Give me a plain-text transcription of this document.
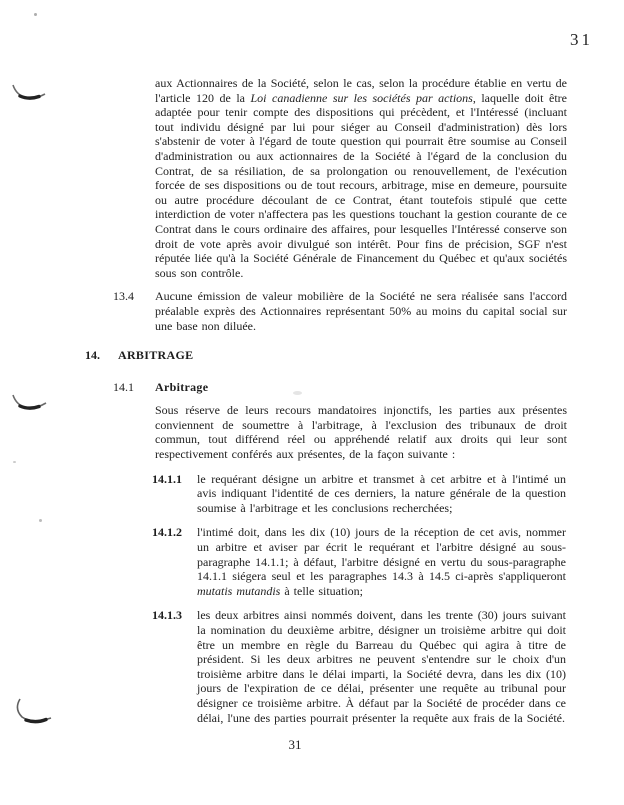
31

aux Actionnaires de la Société, selon le cas, selon la procédure établie en vertu de l'article 120 de la Loi canadienne sur les sociétés par actions, laquelle doit être adaptée pour tenir compte des dispositions qui précèdent, et l'Intéressé (incluant tout individu désigné par lui pour siéger au Conseil d'administration) dès lors s'abstenir de voter à l'égard de toute question qui pourrait être soumise au Conseil d'administration ou aux actionnaires de la Société à l'égard de la conclusion du Contrat, de sa résiliation, de sa prolongation ou renouvellement, de l'exécution forcée de ses dispositions ou de tout recours, arbitrage, mise en demeure, poursuite ou autre procédure découlant de ce Contrat, étant toutefois stipulé que cette interdiction de voter n'affectera pas les questions touchant la gestion courante de ce Contrat dans le cours ordinaire des affaires, pour lesquelles l'Intéressé conserve son droit de vote après avoir divulgué son intérêt. Pour fins de précision, SGF n'est réputée liée qu'à la Société Générale de Financement du Québec et qu'aux sociétés sous son contrôle.

13.4 Aucune émission de valeur mobilière de la Société ne sera réalisée sans l'accord préalable exprès des Actionnaires représentant 50% au moins du capital social sur une base non diluée.

14. ARBITRAGE

14.1 Arbitrage

Sous réserve de leurs recours mandatoires injonctifs, les parties aux présentes conviennent de soumettre à l'arbitrage, à l'exclusion des tribunaux de droit commun, tout différend réel ou appréhendé relatif aux droits qui leur sont respectivement conférés aux présentes, de la façon suivante :

14.1.1 le requérant désigne un arbitre et transmet à cet arbitre et à l'intimé un avis indiquant l'identité de ces derniers, la nature générale de la question soumise à l'arbitrage et les conclusions recherchées;

14.1.2 l'intimé doit, dans les dix (10) jours de la réception de cet avis, nommer un arbitre et aviser par écrit le requérant et l'arbitre désigné au sous-paragraphe 14.1.1; à défaut, l'arbitre désigné en vertu du sous-paragraphe 14.1.1 siégera seul et les paragraphes 14.3 à 14.5 ci-après s'appliqueront mutatis mutandis à telle situation;

14.1.3 les deux arbitres ainsi nommés doivent, dans les trente (30) jours suivant la nomination du deuxième arbitre, désigner un troisième arbitre qui doit être un membre en règle du Barreau du Québec qui agira à titre de président. Si les deux arbitres ne peuvent s'entendre sur le choix d'un troisième arbitre dans le délai imparti, la Société devra, dans les dix (10) jours de l'expiration de ce délai, présenter une requête au tribunal pour désigner ce troisième arbitre. À défaut par la Société de procéder dans ce délai, l'une des parties pourrait présenter la requête aux frais de la Société.

31
